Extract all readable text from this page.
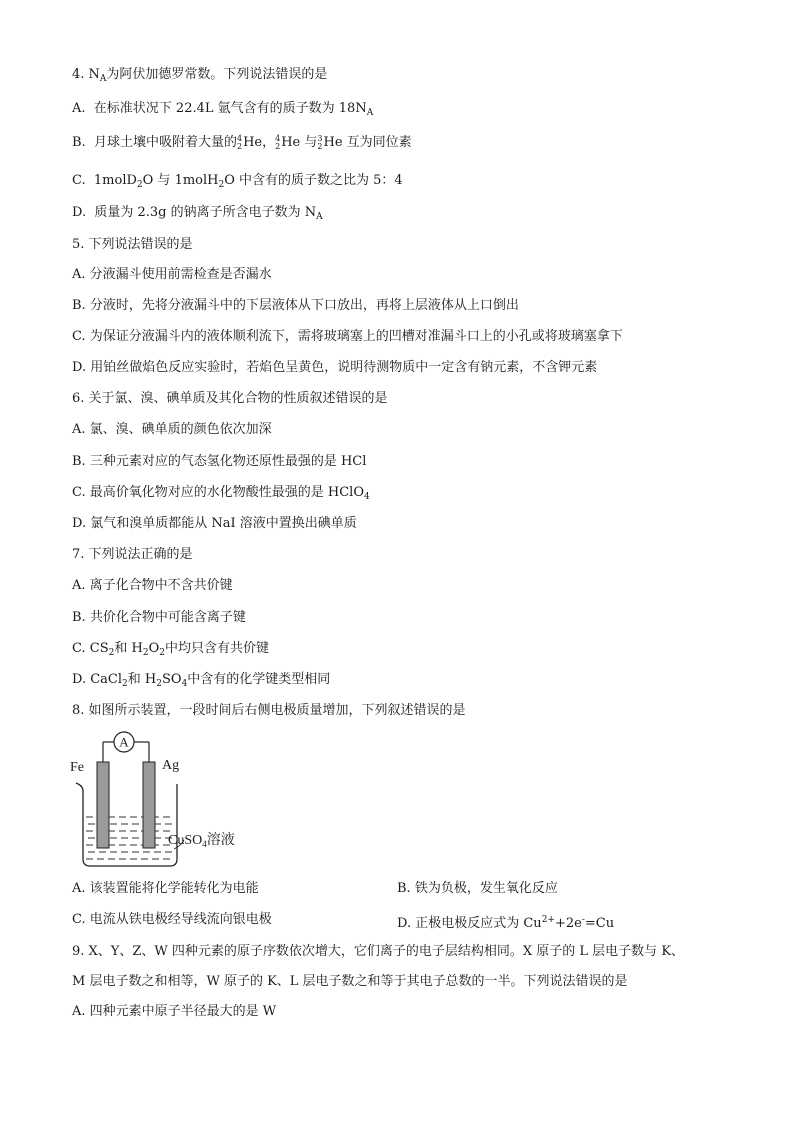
4. $N_A$为阿伏加德罗常数。下列说法错误的是
A.  在标准状况下 22.4L 氩气含有的质子数为 $18N_A$
B.  月球土壤中吸附着大量的 4
2 He， 4
2 He 与 3
2 He 互为同位素
C.  1molD$_2$O 与 1molH$_2$O 中含有的质子数之比为 5：4
D.  质量为 2.3g 的钠离子所含电子数为 $N_A$
5. 下列说法错误的是
A. 分液漏斗使用前需检查是否漏水
B. 分液时，先将分液漏斗中的下层液体从下口放出，再将上层液体从上口倒出
C. 为保证分液漏斗内的液体顺利流下，需将玻璃塞上的凹槽对准漏斗口上的小孔或将玻璃塞拿下
D. 用铂丝做焰色反应实验时，若焰色呈黄色，说明待测物质中一定含有钠元素，不含钾元素
6. 关于氯、溴、碘单质及其化合物的性质叙述错误的是
A. 氯、溴、碘单质的颜色依次加深
B. 三种元素对应的气态氢化物还原性最强的是 HCl
C. 最高价氧化物对应的水化物酸性最强的是 HClO$_4$
D. 氯气和溴单质都能从 NaI 溶液中置换出碘单质
7. 下列说法正确的是
A. 离子化合物中不含共价键
B. 共价化合物中可能含离子键
C. $CS_2$和 $H_2O_2$中均只含有共价键
D. CaCl$_2$和 $H_2SO_4$中含有的化学键类型相同
8. 如图所示装置，一段时间后右侧电极质量增加，下列叙述错误的是
A
Fe	Ag
CuSO$_4$溶液
A. 该装置能将化学能转化为电能	B. 铁为负极，发生氧化反应
C. 电流从铁电极经导线流向银电极	D. 正极电极反应式为 $Cu^{2+}+2e^-=Cu$
9. X、Y、Z、W 四种元素的原子序数依次增大，它们离子的电子层结构相同。X 原子的 L 层电子数与 K、
M 层电子数之和相等，W 原子的 K、L 层电子数之和等于其电子总数的一半。下列说法错误的是
A. 四种元素中原子半径最大的是 W
